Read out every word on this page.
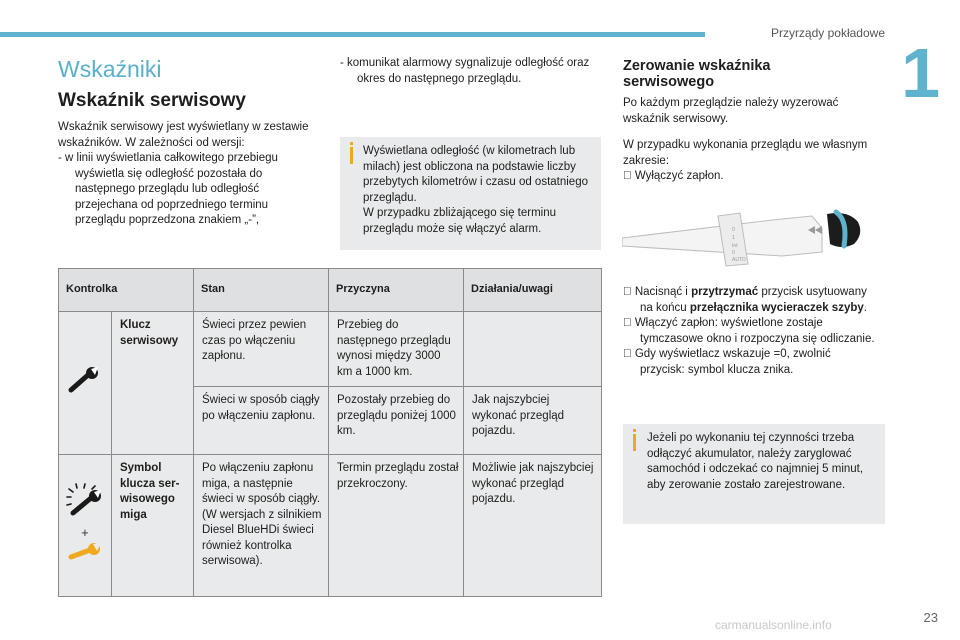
Przyrządy pokładowe
1
Wskaźniki
Wskaźnik serwisowy
Wskaźnik serwisowy jest wyświetlany w zestawie wskaźników. W zależności od wersji:
- w linii wyświetlania całkowitego przebiegu wyświetla się odległość pozostała do następnego przeglądu lub odległość przejechana od poprzedniego terminu przeglądu poprzedzona znakiem „-”,
- komunikat alarmowy sygnalizuje odległość oraz okres do następnego przeglądu.
Wyświetlana odległość (w kilometrach lub milach) jest obliczona na podstawie liczby przebytych kilometrów i czasu od ostatniego przeglądu.
W przypadku zbliżającego się terminu przeglądu może się włączyć alarm.
Kontrolka		Stan	Przyczyna	Działania/uwagi
	Klucz serwisowy	Świeci przez pewien czas po włączeniu zapłonu.	Przebieg do następnego przeglądu wynosi między 3000 km a 1000 km.	
		Świeci w sposób ciągły po włączeniu zapłonu.	Pozostały przebieg do przeglądu poniżej 1000 km.	Jak najszybciej wykonać przegląd pojazdu.

+	Symbol klucza ser- wisowego miga	Po włączeniu zapłonu miga, a następnie świeci w sposób ciągły. (W wersjach z silnikiem Diesel BlueHDi świeci również kontrolka serwisowa).	Termin przeglądu został przekroczony.	Możliwie jak najszybciej wykonać przegląd pojazdu.
Zerowanie wskaźnika serwisowego
Po każdym przeglądzie należy wyzerować wskaźnik serwisowy.
W przypadku wykonania przeglądu we własnym zakresie:
Wyłączyć zapłon.
0
1
Int
0
AUTO
Nacisnąć i przytrzymać przycisk usytuowany na końcu przełącznika wycieraczek szyby.
Włączyć zapłon: wyświetlone zostaje tymczasowe okno i rozpoczyna się odliczanie.
Gdy wyświetlacz wskazuje =0, zwolnić przycisk: symbol klucza znika.
Jeżeli po wykonaniu tej czynności trzeba odłączyć akumulator, należy zaryglować samochód i odczekać co najmniej 5 minut, aby zerowanie zostało zarejestrowane.
23
carmanualsonline.info
